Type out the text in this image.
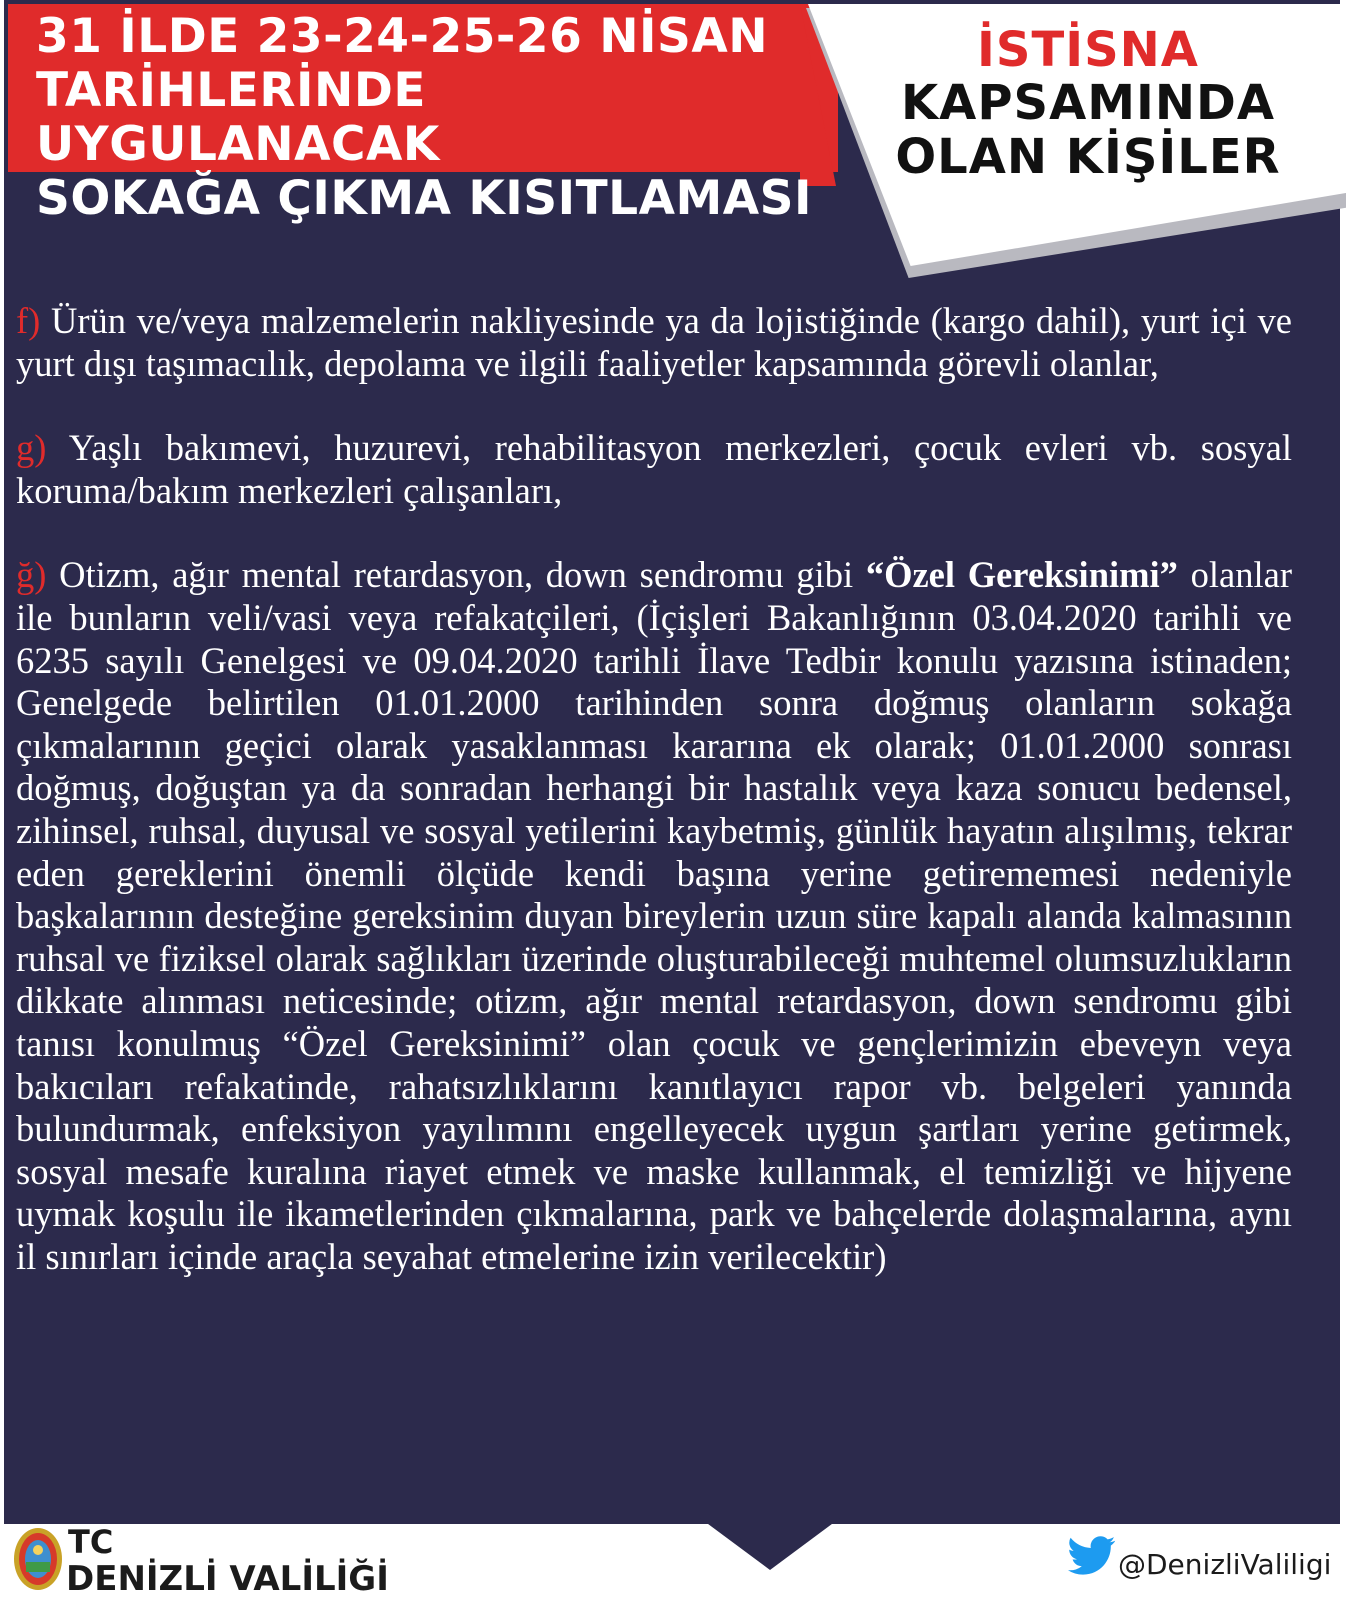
31 İLDE 23-24-25-26 NİSAN
TARİHLERİNDE UYGULANACAK
SOKAĞA ÇIKMA KISITLAMASI
İSTİSNA
KAPSAMINDA
OLAN KİŞİLER

f) Ürün ve/veya malzemelerin nakliyesinde ya da lojistiğinde (kargo dahil), yurt içi ve yurt dışı taşımacılık, depolama ve ilgili faaliyetler kapsamında görevli olanlar,

g) Yaşlı bakımevi, huzurevi, rehabilitasyon merkezleri, çocuk evleri vb. sosyal koruma/bakım merkezleri çalışanları,

ğ) Otizm, ağır mental retardasyon, down sendromu gibi “Özel Gereksinimi” olanlar ile bunların veli/vasi veya refakatçileri, (İçişleri Bakanlığının 03.04.2020 tarihli ve 6235 sayılı Genelgesi ve 09.04.2020 tarihli İlave Tedbir konulu yazısına istinaden; Genelgede belirtilen 01.01.2000 tarihinden sonra doğmuş olanların sokağa çıkmalarının geçici olarak yasaklanması kararına ek olarak; 01.01.2000 sonrası doğmuş, doğuştan ya da sonradan herhangi bir hastalık veya kaza sonucu bedensel, zihinsel, ruhsal, duyusal ve sosyal yetilerini kaybetmiş, günlük hayatın alışılmış, tekrar eden gereklerini önemli ölçüde kendi başına yerine getirememesi nedeniyle başkalarının desteğine gereksinim duyan bireylerin uzun süre kapalı alanda kalmasının ruhsal ve fiziksel olarak sağlıkları üzerinde oluşturabileceği muhtemel olumsuzlukların dikkate alınması neticesinde; otizm, ağır mental retardasyon, down sendromu gibi tanısı konulmuş “Özel Gereksinimi” olan çocuk ve gençlerimizin ebeveyn veya bakıcıları refakatinde, rahatsızlıklarını kanıtlayıcı rapor vb. belgeleri yanında bulundurmak, enfeksiyon yayılımını engelleyecek uygun şartları yerine getirmek, sosyal mesafe kuralına riayet etmek ve maske kullanmak, el temizliği ve hijyene uymak koşulu ile ikametlerinden çıkmalarına, park ve bahçelerde dolaşmalarına, aynı il sınırları içinde araçla seyahat etmelerine izin verilecektir)

TC
DENİZLİ VALİLİĞİ	@DenizliValiligi
